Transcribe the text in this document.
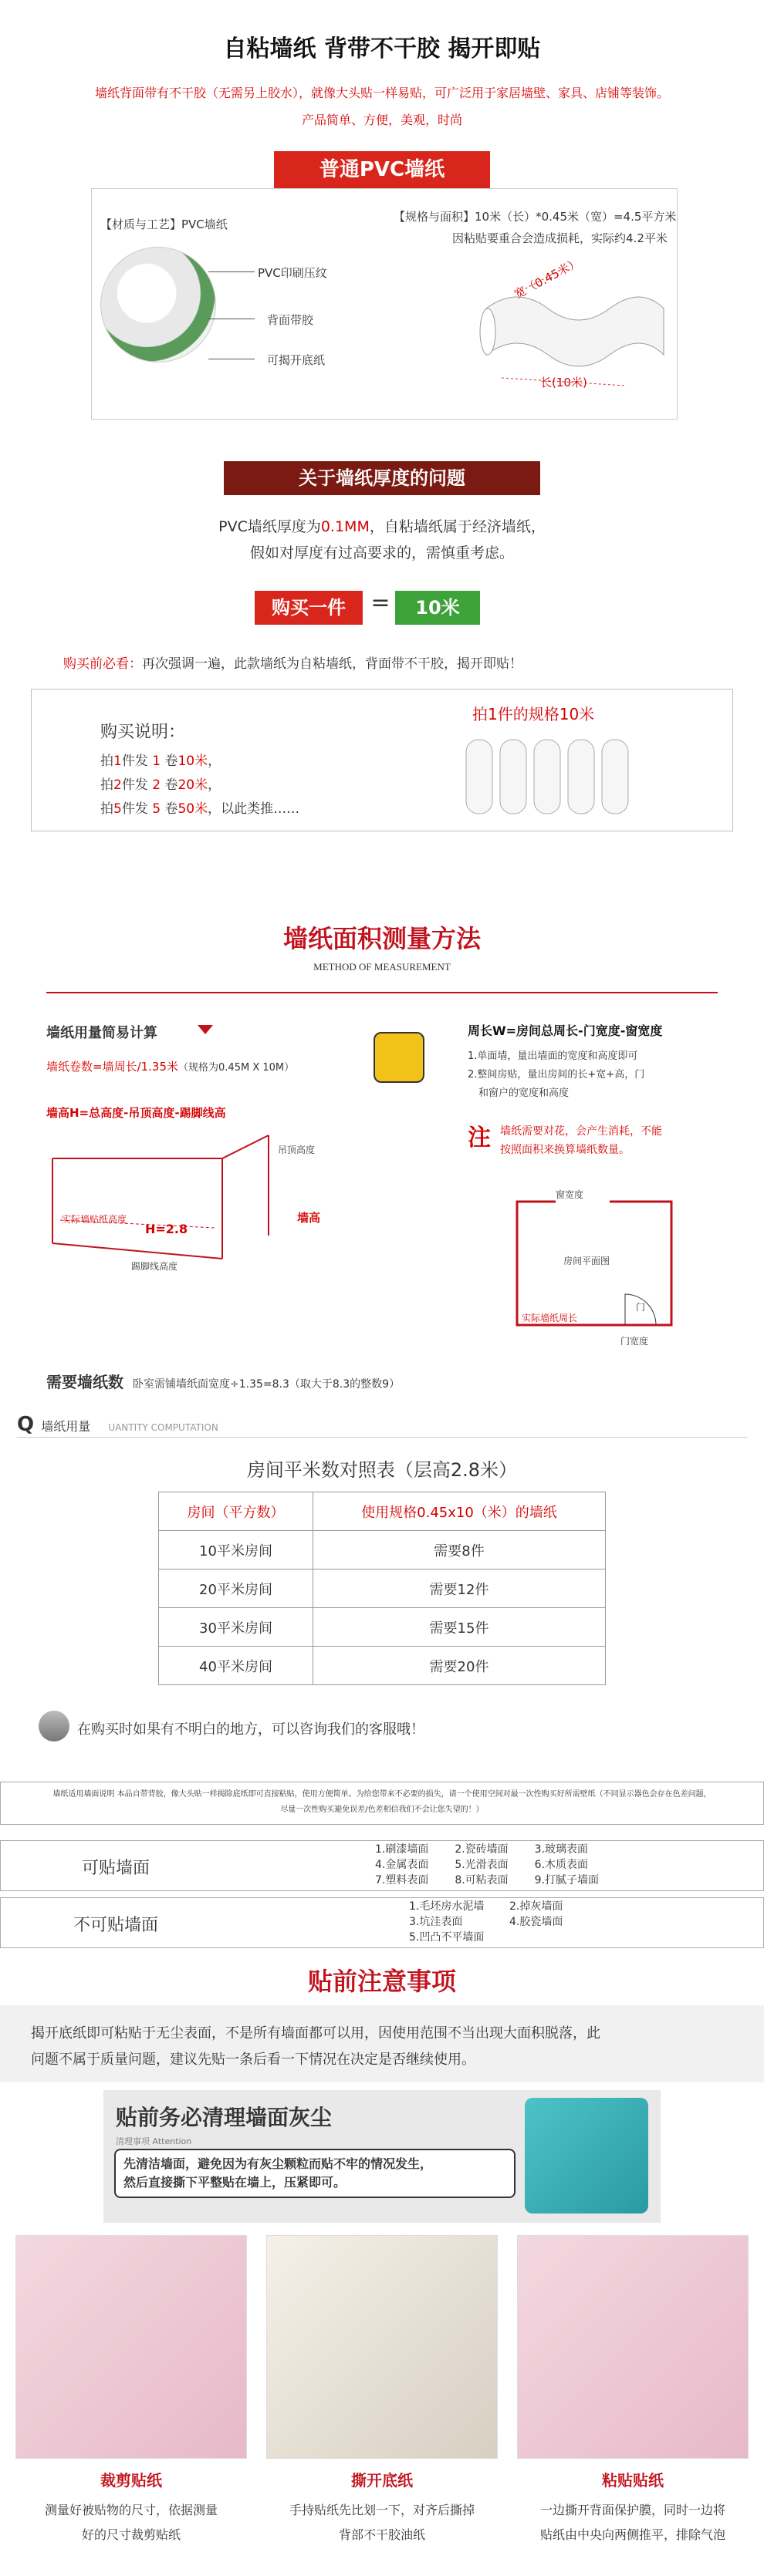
自粘墙纸 背带不干胶 揭开即贴
墙纸背面带有不干胶（无需另上胶水），就像大头贴一样易贴，可广泛用于家居墙壁、家具、店铺等装饰。
产品简单、方便，美观，时尚
普通PVC墙纸
【材质与工艺】PVC墙纸
PVC印刷压纹
背面带胶
可揭开底纸
【规格与面积】10米（长）*0.45米（宽）=4.5平方米
因粘贴要重合会造成损耗，实际约4.2平米
宽（0.45米）
长(10米)
关于墙纸厚度的问题
PVC墙纸厚度为0.1MM，自粘墙纸属于经济墙纸，
假如对厚度有过高要求的，需慎重考虑。
购买一件	=	10米
购买前必看：再次强调一遍，此款墙纸为自粘墙纸，背面带不干胶，揭开即贴！
购买说明：
拍1件发 1 卷10米，
拍2件发 2 卷20米，
拍5件发 5 卷50米，以此类推……
拍1件的规格10米
墙纸面积测量方法
METHOD OF MEASUREMENT
墙纸用量简易计算
墙纸卷数=墙周长/1.35米（规格为0.45M X 10M）
墙高H=总高度-吊顶高度-踢脚线高
周长W=房间总周长-门宽度-窗宽度
1.单面墙，量出墙面的宽度和高度即可
2.整间房贴，量出房间的长+宽+高，门
和窗户的宽度和高度
注 墙纸需要对花，会产生消耗，不能
按照面积来换算墙纸数量。
吊顶高度
实际墙贴纸高度
H=2.8
墙高
踢脚线高度
窗宽度
房间平面图
实际墙纸周长
门
门宽度
需要墙纸数 卧室需铺墙纸面宽度÷1.35=8.3（取大于8.3的整数9）
Q 墙纸用量 UANTITY COMPUTATION
房间平米数对照表（层高2.8米）
房间（平方数）	使用规格0.45x10（米）的墙纸
10平米房间	需要8件
20平米房间	需要12件
30平米房间	需要15件
40平米房间	需要20件
在购买时如果有不明白的地方，可以咨询我们的客服哦！
墙纸适用墙面说明 本品自带背胶，像大头贴一样揭除底纸即可直接粘贴，使用方便简单。为给您带来不必要的损失，请一个使用空间对最一次性购买好所需壁纸（不同显示器色会存在色差问题，
尽量一次性购买避免误差/色差相信我们不会让您失望的！）
可贴墙面
1.刷漆墙面	2.瓷砖墙面	3.玻璃表面
4.金属表面	5.光滑表面	6.木质表面
7.塑料表面	8.可粘表面	9.打腻子墙面
不可贴墙面
1.毛坯房水泥墙	2.掉灰墙面
3.坑洼表面	4.胶瓷墙面
5.凹凸不平墙面
贴前注意事项
揭开底纸即可粘贴于无尘表面，不是所有墙面都可以用，因使用范围不当出现大面积脱落，此
问题不属于质量问题，建议先贴一条后看一下情况在决定是否继续使用。
贴前务必清理墙面灰尘
清理事项 Attention
先清洁墙面，避免因为有灰尘颗粒而贴不牢的情况发生，
然后直接撕下平整贴在墙上，压紧即可。
裁剪贴纸
测量好被贴物的尺寸，依据测量
好的尺寸裁剪贴纸
撕开底纸
手持贴纸先比划一下，对齐后撕掉
背部不干胶油纸
粘贴贴纸
一边撕开背面保护膜，同时一边将
贴纸由中央向两侧推平，排除气泡
